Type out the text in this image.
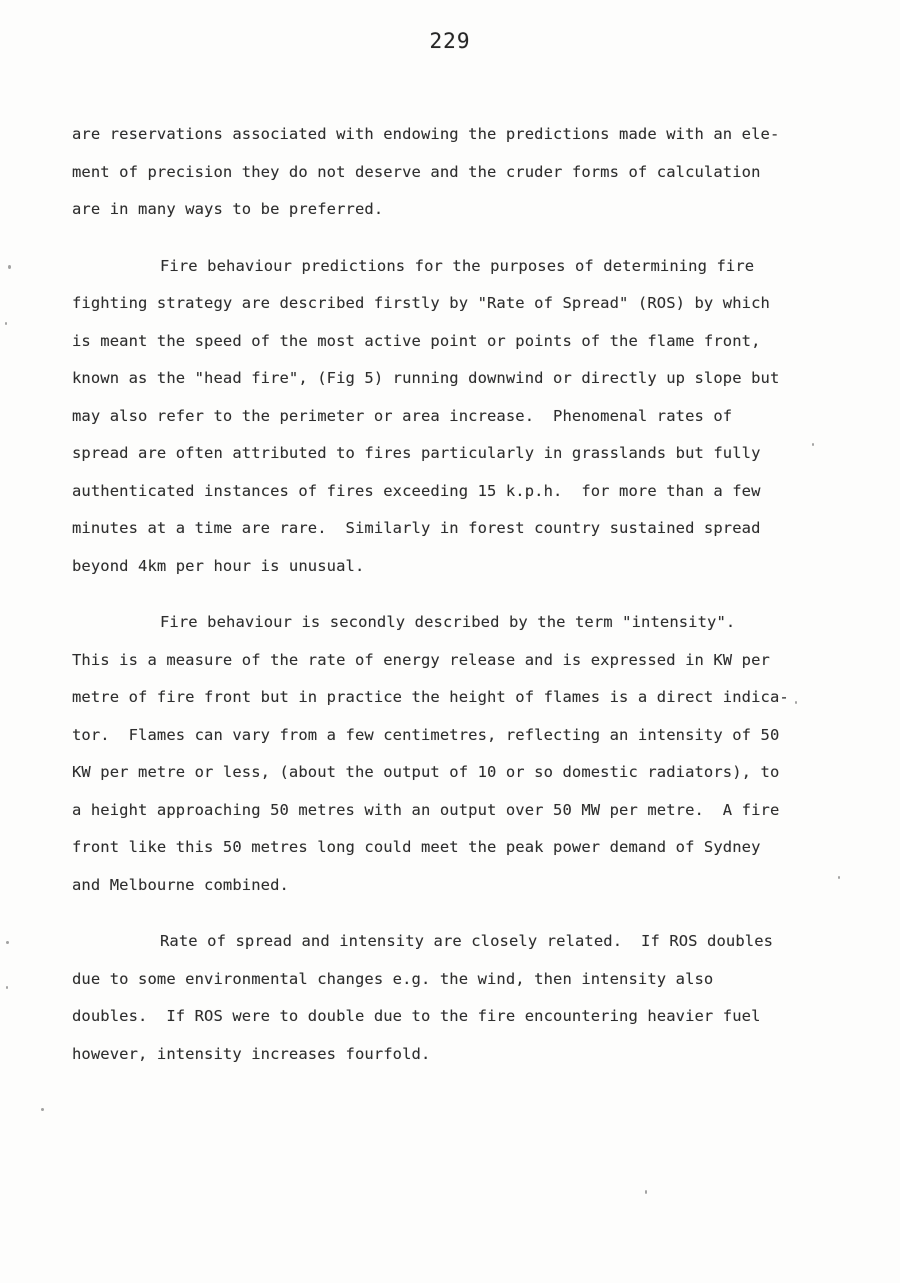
229

are reservations associated with endowing the predictions made with an ele-
ment of precision they do not deserve and the cruder forms of calculation
are in many ways to be preferred.

Fire behaviour predictions for the purposes of determining fire
fighting strategy are described firstly by "Rate of Spread" (ROS) by which
is meant the speed of the most active point or points of the flame front,
known as the "head fire", (Fig 5) running downwind or directly up slope but
may also refer to the perimeter or area increase.  Phenomenal rates of
spread are often attributed to fires particularly in grasslands but fully
authenticated instances of fires exceeding 15 k.p.h.  for more than a few
minutes at a time are rare.  Similarly in forest country sustained spread
beyond 4km per hour is unusual.

Fire behaviour is secondly described by the term "intensity".
This is a measure of the rate of energy release and is expressed in KW per
metre of fire front but in practice the height of flames is a direct indica-
tor.  Flames can vary from a few centimetres, reflecting an intensity of 50
KW per metre or less, (about the output of 10 or so domestic radiators), to
a height approaching 50 metres with an output over 50 MW per metre.  A fire
front like this 50 metres long could meet the peak power demand of Sydney
and Melbourne combined.

Rate of spread and intensity are closely related.  If ROS doubles
due to some environmental changes e.g. the wind, then intensity also
doubles.  If ROS were to double due to the fire encountering heavier fuel
however, intensity increases fourfold.
